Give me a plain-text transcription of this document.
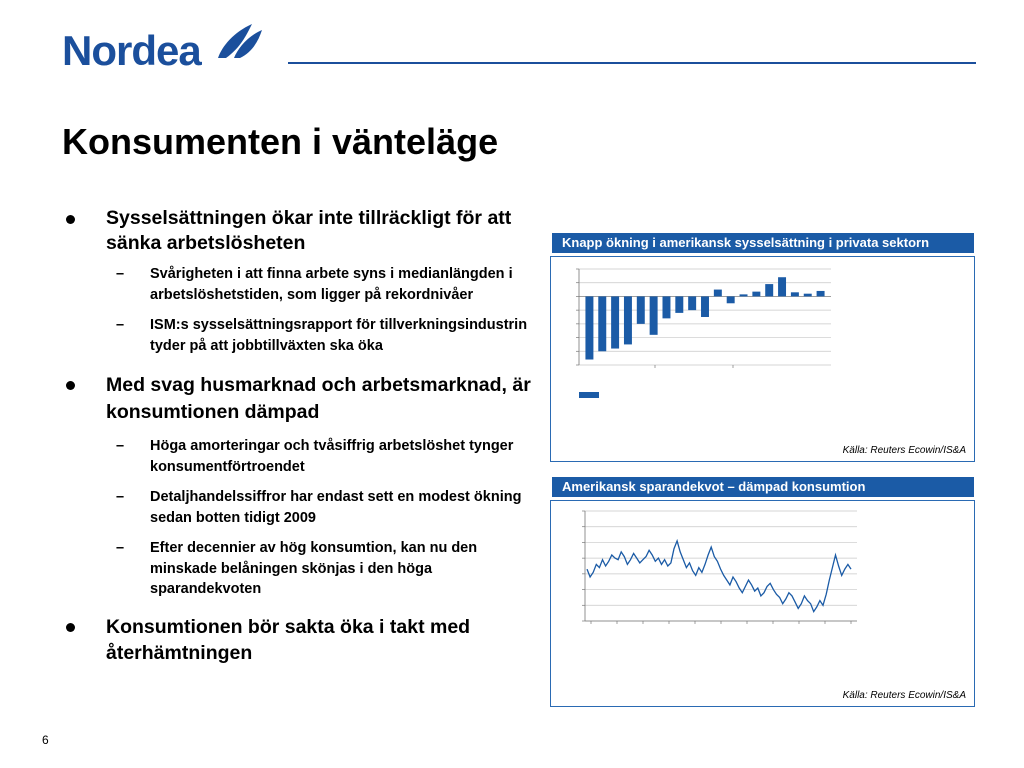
Nordea
Konsumenten i vänteläge
Sysselsättningen ökar inte tillräckligt för att sänka arbetslösheten
– Svårigheten i att finna arbete syns i medianlängden i arbetslöshetstiden, som ligger på rekordnivåer
– ISM:s sysselsättningsrapport för tillverkningsindustrin tyder på att jobbtillväxten ska öka
Med svag husmarknad och arbetsmarknad, är konsumtionen dämpad
– Höga amorteringar och tvåsiffrig arbetslöshet tynger konsumentförtroendet
– Detaljhandelssiffror har endast sett en modest ökning sedan botten tidigt 2009
– Efter decennier av hög konsumtion, kan nu den minskade belåningen skönjas i den höga sparandekvoten
Konsumtionen bör sakta öka i takt med återhämtningen
6
Knapp ökning i amerikansk sysselsättning i privata sektorn
Källa: Reuters Ecowin/IS&A
Amerikansk sparandekvot – dämpad konsumtion
Källa: Reuters Ecowin/IS&A
